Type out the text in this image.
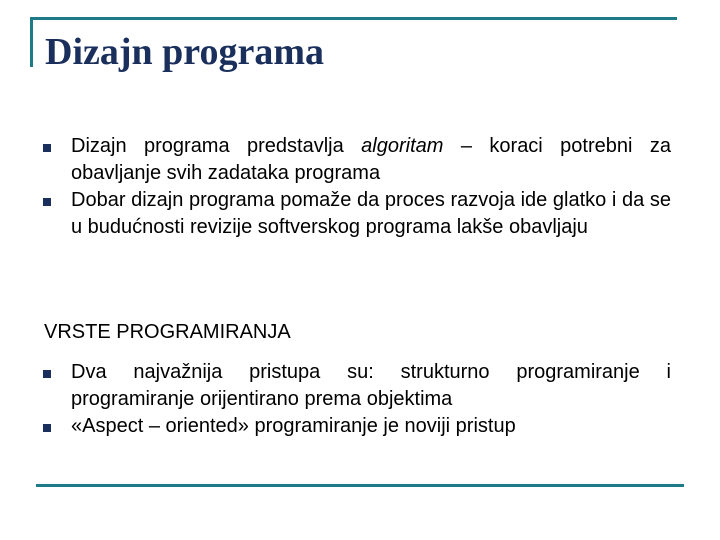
Dizajn programa
Dizajn programa predstavlja algoritam – koraci potrebni za obavljanje svih zadataka programa
Dobar dizajn programa pomaže da proces razvoja ide glatko i da se u budućnosti revizije softverskog programa lakše obavljaju
VRSTE PROGRAMIRANJA
Dva najvažnija pristupa su: strukturno programiranje i programiranje orijentirano prema objektima
«Aspect – oriented» programiranje je noviji pristup
